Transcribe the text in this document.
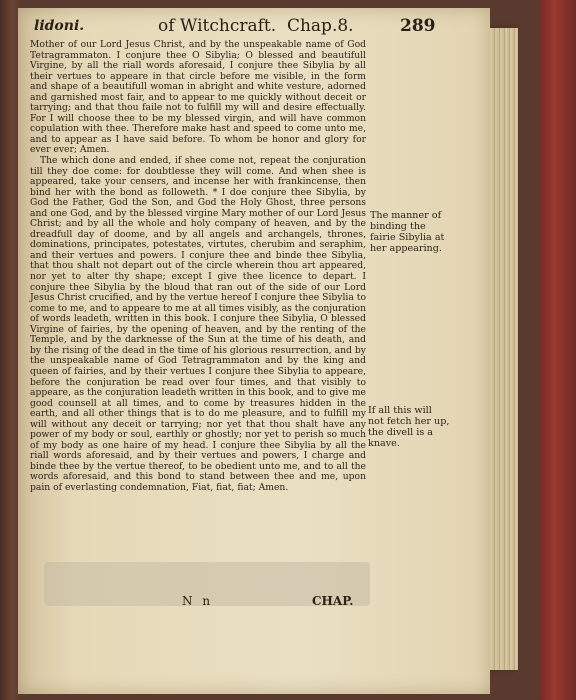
lidoni.	of Witchcraft. Chap.8.	289

Mother of our Lord Jesus Christ, and by the unspeakable name of God Tetragrammaton. I conjure thee O Sibylia; O blessed and beautifull Virgine, by all the riall words aforesaid, I conjure thee Sibylia by all their vertues to appeare in that circle before me visible, in the form and shape of a beautifull woman in abright and white vesture, adorned and garnished most fair, and to appear to me quickly without deceit or tarrying; and that thou faile not to fulfill my will and desire effectually. For I will choose thee to be my blessed virgin, and will have common copulation with thee. Therefore make hast and speed to come unto me, and to appear as I have said before. To whom be honor and glory for ever ever; Amen.

The which done and ended, if shee come not, repeat the conjuration till they doe come: for doubtlesse they will come. And when shee is appeared, take your censers, and incense her with frankincense, then bind her with the bond as followeth. * I doe conjure thee Sibylia, by God the Father, God the Son, and God the Holy Ghost, three persons and one God, and by the blessed virgine Mary mother of our Lord Jesus Christ; and by all the whole and holy company of heaven, and by the dreadfull day of doome, and by all angels and archangels, thrones, dominations, principates, potestates, virtutes, cherubim and seraphim, and their vertues and powers. I conjure thee and binde thee Sibylia, that thou shalt not depart out of the circle wherein thou art appeared, nor yet to alter thy shape; except I give thee licence to depart. I conjure thee Sibylia by the bloud that ran out of the side of our Lord Jesus Christ crucified, and by the vertue hereof I conjure thee Sibylia to come to me, and to appeare to me at all times visibly, as the conjuration of words leadeth, written in this book. I conjure thee Sibylia, O blessed Virgine of fairies, by the opening of heaven, and by the renting of the Temple, and by the darknesse of the Sun at the time of his death, and by the rising of the dead in the time of his glorious resurrection, and by the unspeakable name of God Tetragrammaton and by the king and queen of fairies, and by their vertues I conjure thee Sibylia to appeare, before the conjuration be read over four times, and that visibly to appeare, as the conjuration leadeth written in this book, and to give me good counsell at all times, and to come by treasures hidden in the earth, and all other things that is to do me pleasure, and to fulfill my will without any deceit or tarrying; nor yet that thou shalt have any power of my body or soul, earthly or ghostly; nor yet to perish so much of my body as one haire of my head. I conjure thee Sibylia by all the riall words aforesaid, and by their vertues and powers, I charge and binde thee by the vertue thereof, to be obedient unto me, and to all the words aforesaid, and this bond to stand between thee and me, upon pain of everlasting condemnation, Fiat, fiat, fiat; Amen.

The manner of binding the fairie Sibylia at her appearing.
If all this will not fetch her up, the divell is a knave.
N n	CHAP.
